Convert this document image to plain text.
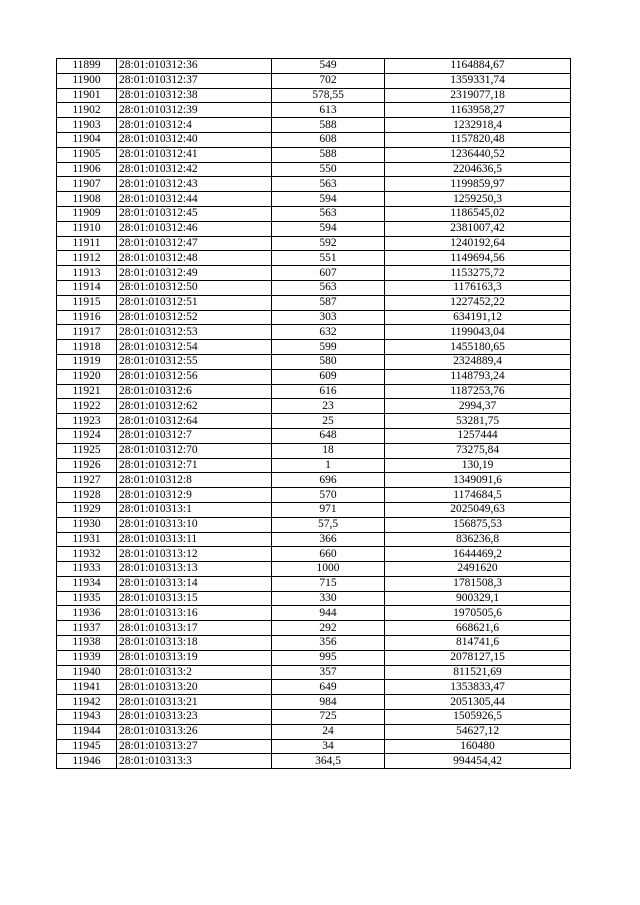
11899	28:01:010312:36	549	1164884,67
11900	28:01:010312:37	702	1359331,74
11901	28:01:010312:38	578,55	2319077,18
11902	28:01:010312:39	613	1163958,27
11903	28:01:010312:4	588	1232918,4
11904	28:01:010312:40	608	1157820,48
11905	28:01:010312:41	588	1236440,52
11906	28:01:010312:42	550	2204636,5
11907	28:01:010312:43	563	1199859,97
11908	28:01:010312:44	594	1259250,3
11909	28:01:010312:45	563	1186545,02
11910	28:01:010312:46	594	2381007,42
11911	28:01:010312:47	592	1240192,64
11912	28:01:010312:48	551	1149694,56
11913	28:01:010312:49	607	1153275,72
11914	28:01:010312:50	563	1176163,3
11915	28:01:010312:51	587	1227452,22
11916	28:01:010312:52	303	634191,12
11917	28:01:010312:53	632	1199043,04
11918	28:01:010312:54	599	1455180,65
11919	28:01:010312:55	580	2324889,4
11920	28:01:010312:56	609	1148793,24
11921	28:01:010312:6	616	1187253,76
11922	28:01:010312:62	23	2994,37
11923	28:01:010312:64	25	53281,75
11924	28:01:010312:7	648	1257444
11925	28:01:010312:70	18	73275,84
11926	28:01:010312:71	1	130,19
11927	28:01:010312:8	696	1349091,6
11928	28:01:010312:9	570	1174684,5
11929	28:01:010313:1	971	2025049,63
11930	28:01:010313:10	57,5	156875,53
11931	28:01:010313:11	366	836236,8
11932	28:01:010313:12	660	1644469,2
11933	28:01:010313:13	1000	2491620
11934	28:01:010313:14	715	1781508,3
11935	28:01:010313:15	330	900329,1
11936	28:01:010313:16	944	1970505,6
11937	28:01:010313:17	292	668621,6
11938	28:01:010313:18	356	814741,6
11939	28:01:010313:19	995	2078127,15
11940	28:01:010313:2	357	811521,69
11941	28:01:010313:20	649	1353833,47
11942	28:01:010313:21	984	2051305,44
11943	28:01:010313:23	725	1505926,5
11944	28:01:010313:26	24	54627,12
11945	28:01:010313:27	34	160480
11946	28:01:010313:3	364,5	994454,42
